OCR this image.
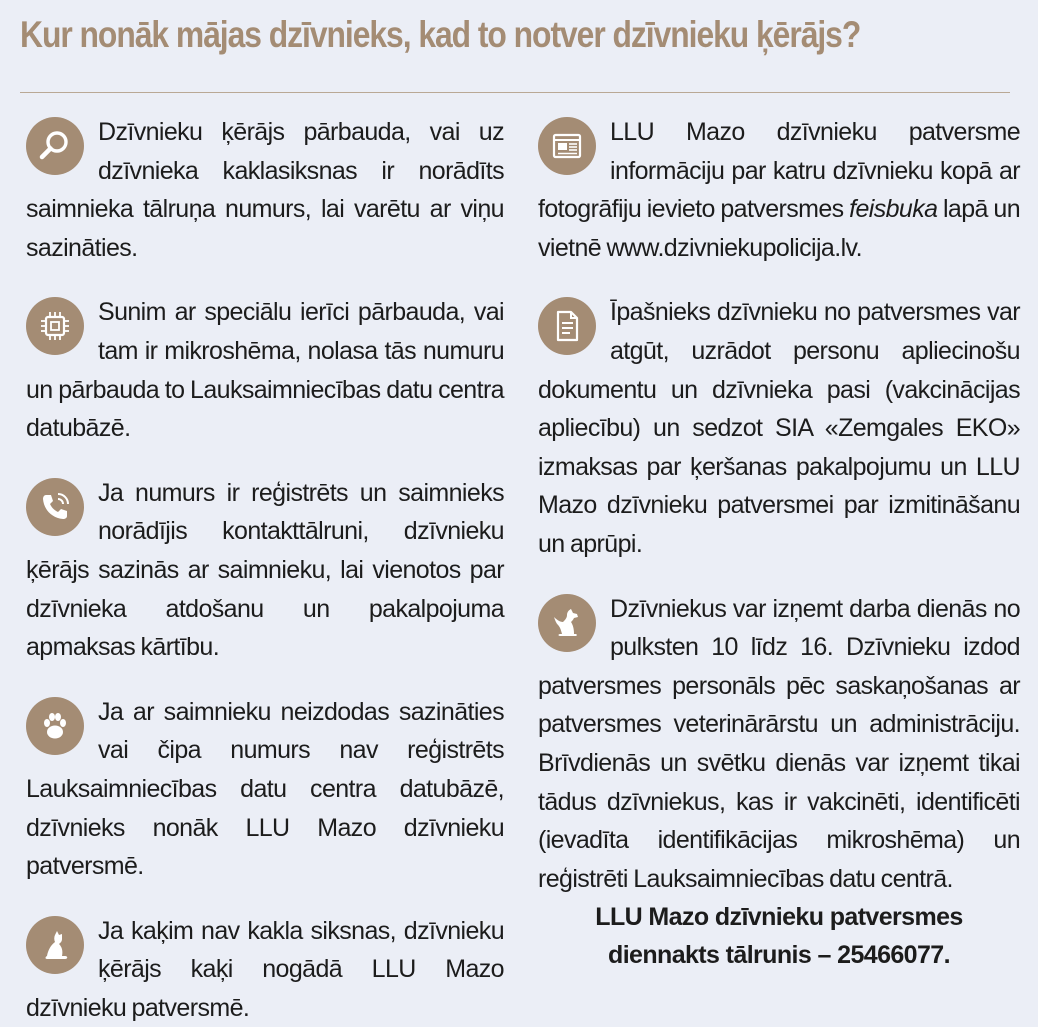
Kur nonāk mājas dzīvnieks, kad to notver dzīvnieku ķērājs?
Dzīvnieku ķērājs pārbauda, vai uz dzīvnieka kaklasiksnas ir norādīts saimnieka tālruņa numurs, lai varētu ar viņu sazināties.
Sunim ar speciālu ierīci pārbauda, vai tam ir mikroshēma, nolasa tās numuru un pārbauda to Lauksaimniecības datu centra datubāzē.
Ja numurs ir reģistrēts un saimnieks norādījis kontakttālruni, dzīvnieku ķērājs sazinās ar saimnieku, lai vienotos par dzīvnieka atdošanu un pakalpojuma apmaksas kārtību.
Ja ar saimnieku neizdodas sazināties vai čipa numurs nav reģistrēts Lauksaimniecības datu centra datubāzē, dzīvnieks nonāk LLU Mazo dzīvnieku patversmē.
Ja kaķim nav kakla siksnas, dzīvnieku ķērājs kaķi nogādā LLU Mazo dzīvnieku patversmē.
LLU Mazo dzīvnieku patversme informāciju par katru dzīvnieku kopā ar fotogrāfiju ievieto patversmes feisbuka lapā un vietnē www.dzivniekupolicija.lv.
Īpašnieks dzīvnieku no patversmes var atgūt, uzrādot personu apliecinošu dokumentu un dzīvnieka pasi (vakcinācijas apliecību) un sedzot SIA «Zemgales EKO» izmaksas par ķeršanas pakalpojumu un LLU Mazo dzīvnieku patversmei par izmitināšanu un aprūpi.
Dzīvniekus var izņemt darba dienās no pulksten 10 līdz 16. Dzīvnieku izdod patversmes personāls pēc saskaņošanas ar patversmes veterinārārstu un administrāciju. Brīvdienās un svētku dienās var izņemt tikai tādus dzīvniekus, kas ir vakcinēti, identificēti (ievadīta identifikācijas mikroshēma) un reģistrēti Lauksaimniecības datu centrā.
LLU Mazo dzīvnieku patversmes
diennakts tālrunis – 25466077.
